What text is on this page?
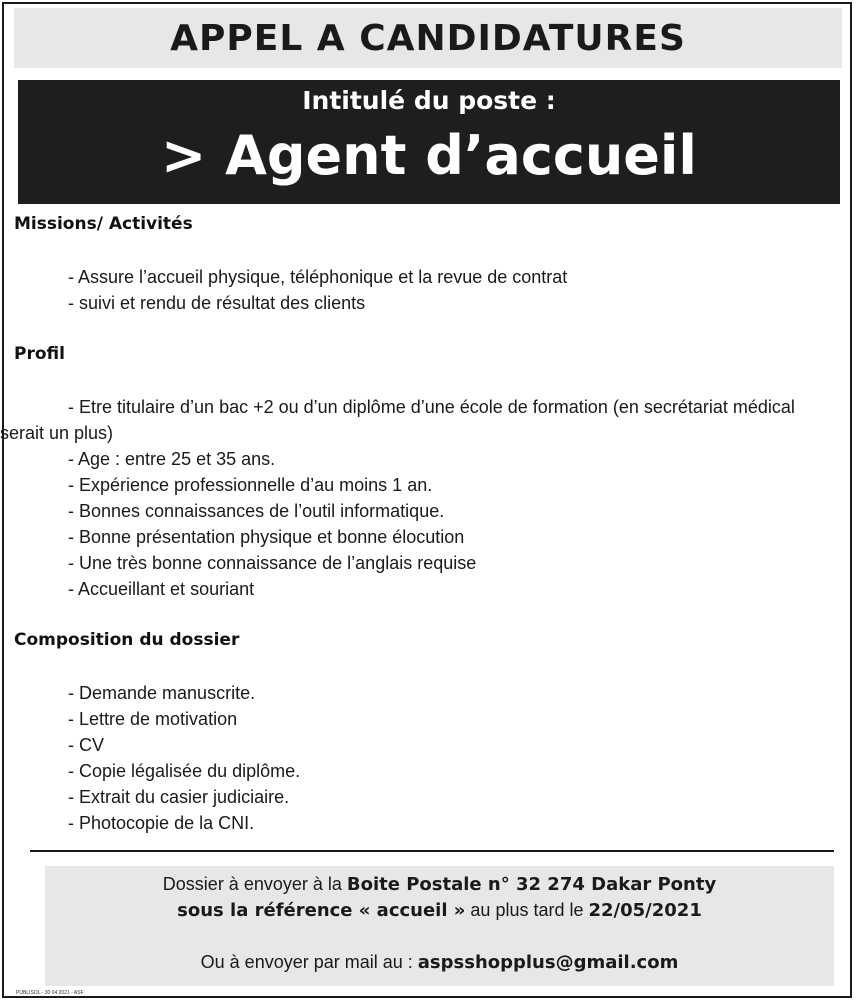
APPEL A CANDIDATURES
Intitulé du poste :
> Agent d’accueil
Missions/ Activités
- Assure l’accueil physique, téléphonique et la revue de contrat
- suivi et rendu de résultat des clients
Profil
- Etre titulaire d’un bac +2 ou d’un diplôme d’une école de formation (en secrétariat médical
serait un plus)
- Age : entre 25 et 35 ans.
- Expérience professionnelle d’au moins 1 an.
- Bonnes connaissances de l’outil informatique.
- Bonne présentation physique et bonne élocution
- Une très bonne connaissance de l’anglais requise
- Accueillant et souriant
Composition du dossier
- Demande manuscrite.
- Lettre de motivation
- CV
- Copie légalisée du diplôme.
- Extrait du casier judiciaire.
- Photocopie de la CNI.
Dossier à envoyer à la Boite Postale n° 32 274 Dakar Ponty
sous la référence « accueil » au plus tard le 22/05/2021
Ou à envoyer par mail au : aspsshopplus@gmail.com
PUBLISOL - 30 04 2021 - ASF
